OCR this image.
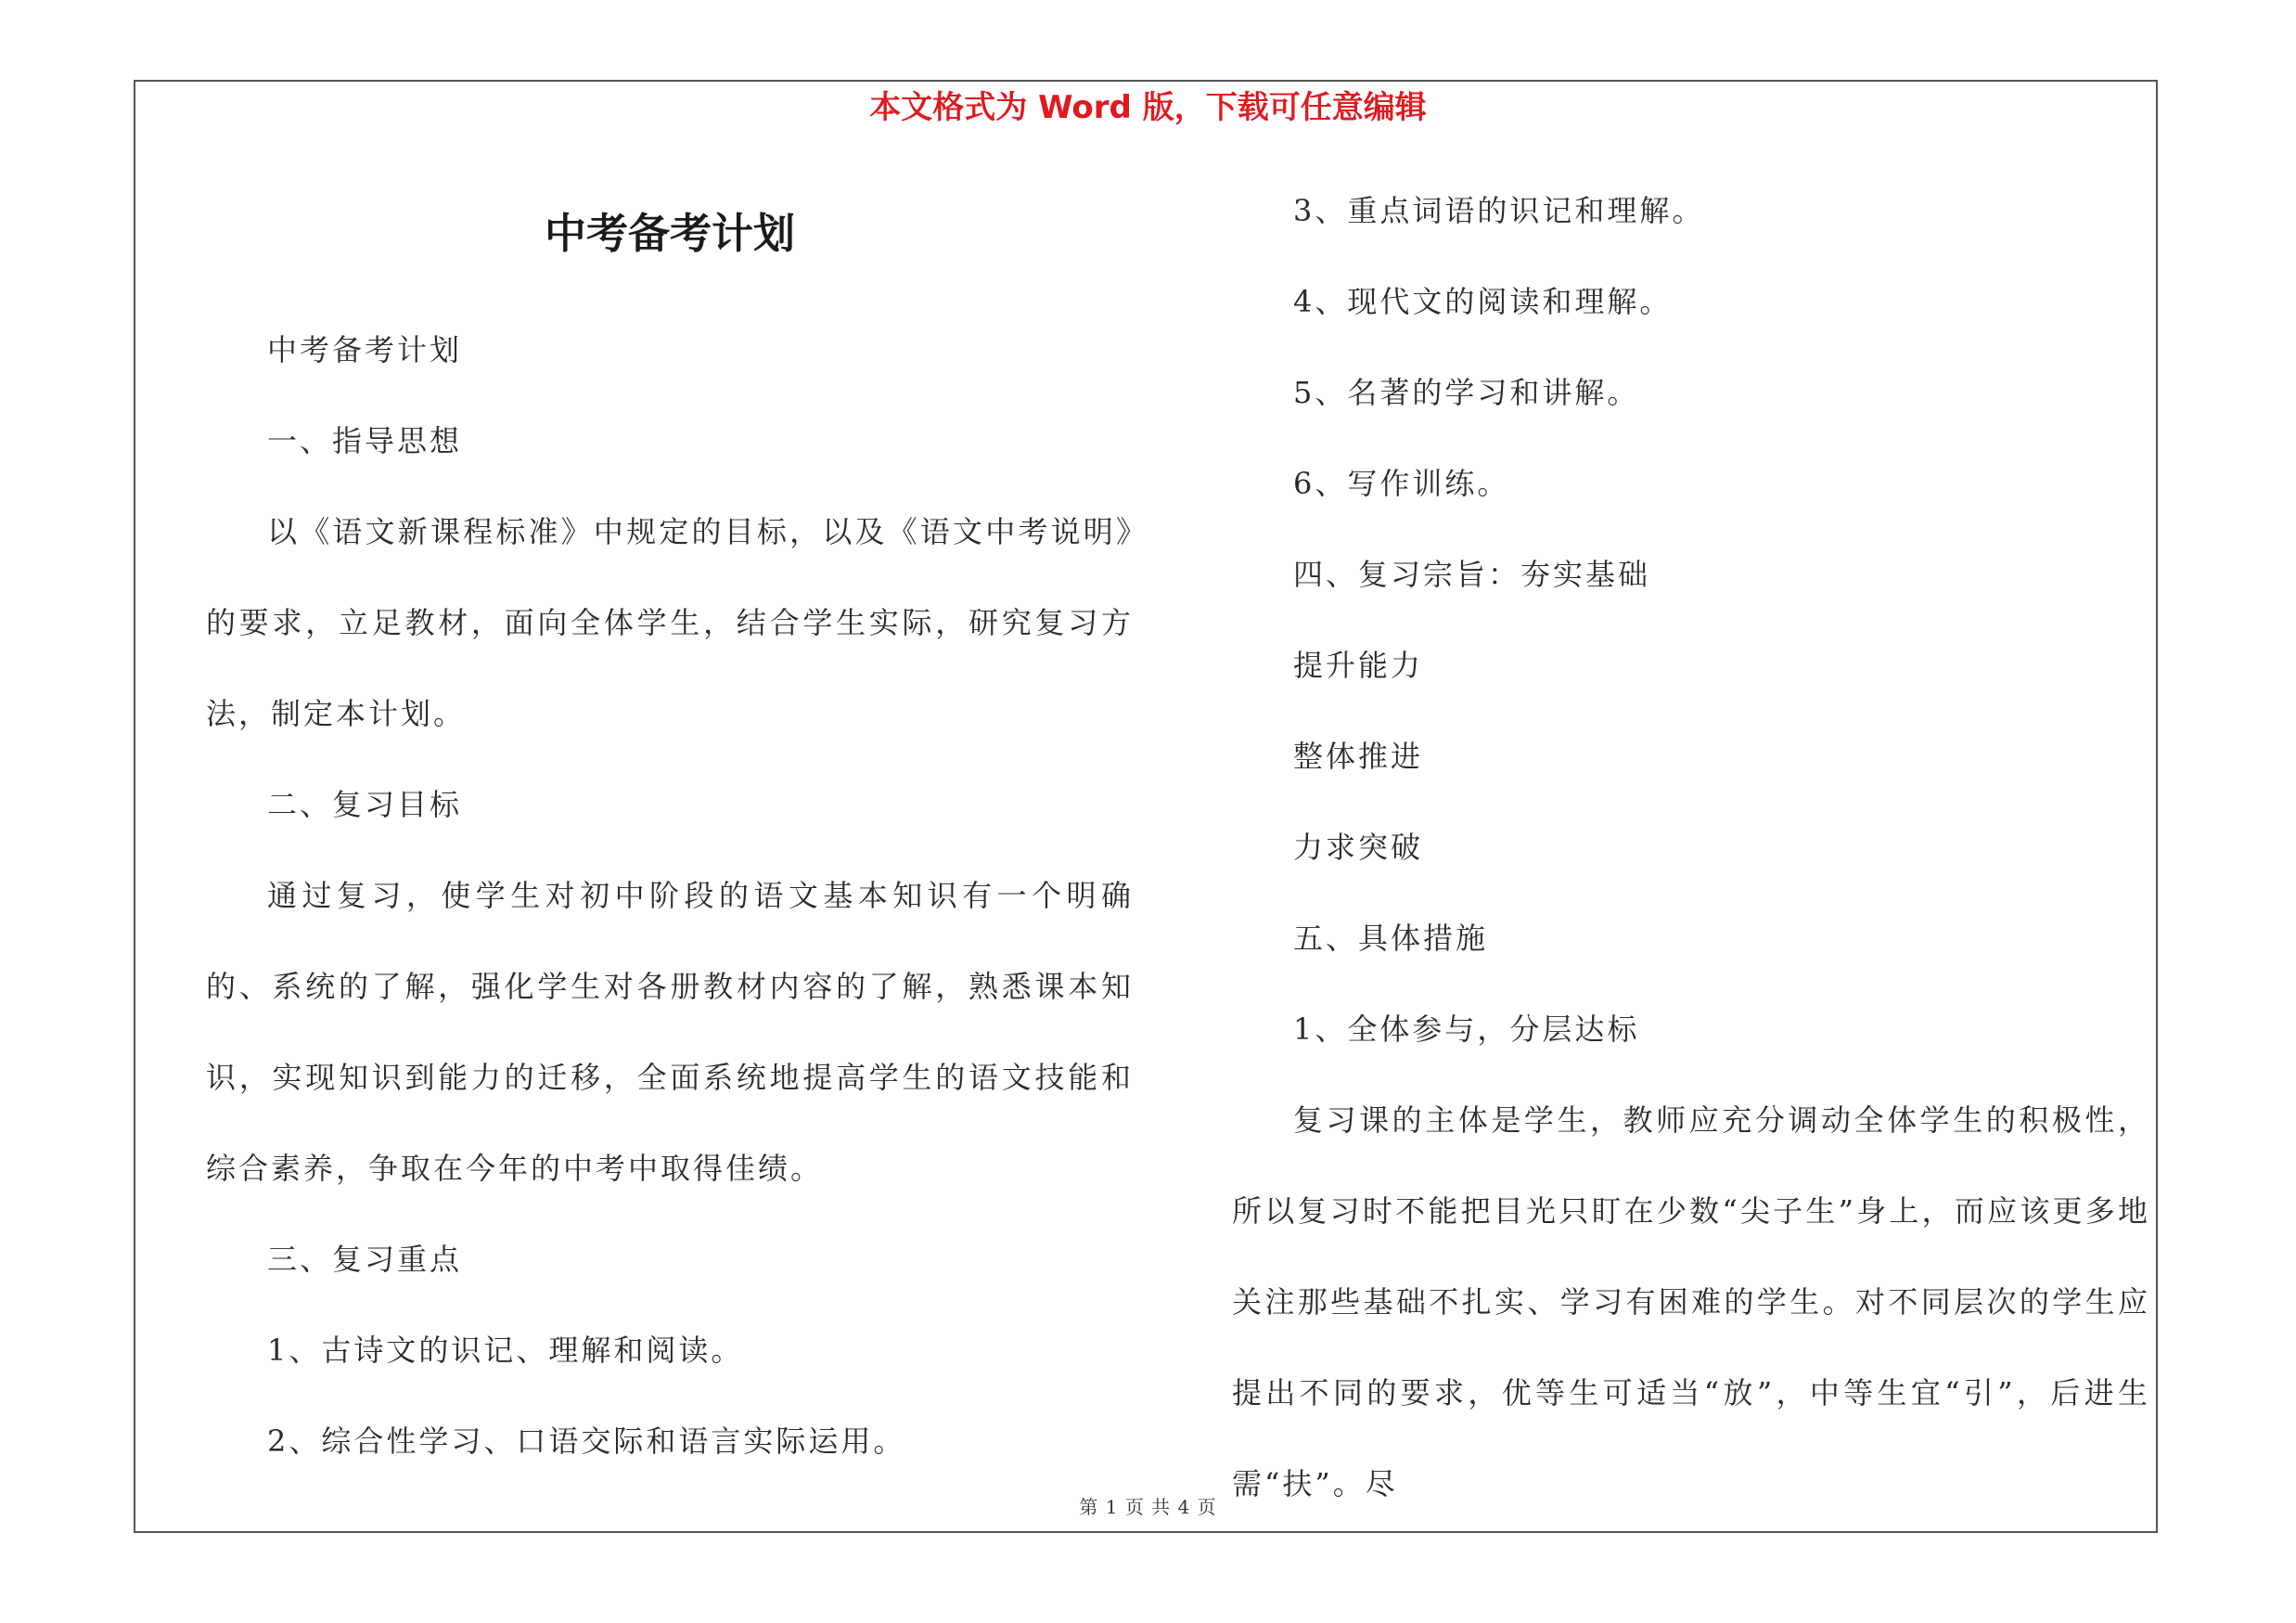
本文格式为 Word 版，下载可任意编辑
中考备考计划

中考备考计划

一、指导思想

以《语文新课程标准》中规定的目标，以及《语文中考说明》的要求，立足教材，面向全体学生，结合学生实际，研究复习方法，制定本计划。

二、复习目标

通过复习，使学生对初中阶段的语文基本知识有一个明确的、系统的了解，强化学生对各册教材内容的了解，熟悉课本知识，实现知识到能力的迁移，全面系统地提高学生的语文技能和综合素养，争取在今年的中考中取得佳绩。

三、复习重点

1、古诗文的识记、理解和阅读。

2、综合性学习、口语交际和语言实际运用。

3、重点词语的识记和理解。

4、现代文的阅读和理解。

5、名著的学习和讲解。

6、写作训练。

四、复习宗旨：夯实基础

提升能力

整体推进

力求突破

五、具体措施

1、全体参与，分层达标

复习课的主体是学生，教师应充分调动全体学生的积极性，所以复习时不能把目光只盯在少数“尖子生”身上，而应该更多地关注那些基础不扎实、学习有困难的学生。对不同层次的学生应提出不同的要求，优等生可适当“放”，中等生宜“引”，后进生需“扶”。尽

第 1 页 共 4 页
